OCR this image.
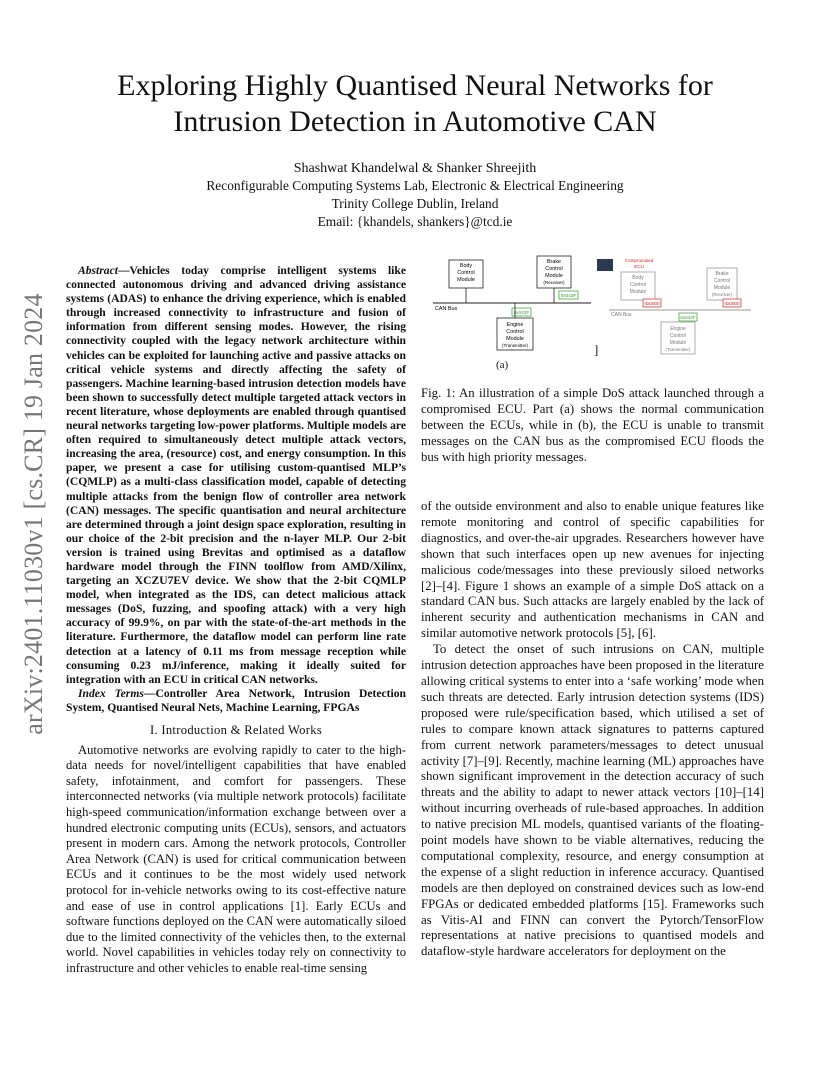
arXiv:2401.11030v1 [cs.CR] 19 Jan 2024
Exploring Highly Quantised Neural Networks for
Intrusion Detection in Automotive CAN
Shashwat Khandelwal & Shanker Shreejith
Reconfigurable Computing Systems Lab, Electronic & Electrical Engineering
Trinity College Dublin, Ireland
Email: {khandels, shankers}@tcd.ie

Abstract—Vehicles today comprise intelligent systems like connected autonomous driving and advanced driving assistance systems (ADAS) to enhance the driving experience, which is enabled through increased connectivity to infrastructure and fusion of information from different sensing modes. However, the rising connectivity coupled with the legacy network architecture within vehicles can be exploited for launching active and passive attacks on critical vehicle systems and directly affecting the safety of passengers. Machine learning-based intrusion detection models have been shown to successfully detect multiple targeted attack vectors in recent literature, whose deployments are enabled through quantised neural networks targeting low-power platforms. Multiple models are often required to simultaneously detect multiple attack vectors, increasing the area, (resource) cost, and energy consumption. In this paper, we present a case for utilising custom-quantised MLP’s (CQMLP) as a multi-class classification model, capable of detecting multiple attacks from the benign flow of controller area network (CAN) messages. The specific quantisation and neural architecture are determined through a joint design space exploration, resulting in our choice of the 2-bit precision and the n-layer MLP. Our 2-bit version is trained using Brevitas and optimised as a dataflow hardware model through the FINN toolflow from AMD/Xilinx, targeting an XCZU7EV device. We show that the 2-bit CQMLP model, when integrated as the IDS, can detect malicious attack messages (DoS, fuzzing, and spoofing attack) with a very high accuracy of 99.9%, on par with the state-of-the-art methods in the literature. Furthermore, the dataflow model can perform line rate detection at a latency of 0.11 ms from message reception while consuming 0.23 mJ/inference, making it ideally suited for integration with an ECU in critical CAN networks.

Index Terms—Controller Area Network, Intrusion Detection System, Quantised Neural Nets, Machine Learning, FPGAs

I. Introduction & Related Works

Automotive networks are evolving rapidly to cater to the high-data needs for novel/intelligent capabilities that have enabled safety, infotainment, and comfort for passengers. These interconnected networks (via multiple network protocols) facilitate high-speed communication/information exchange between over a hundred electronic computing units (ECUs), sensors, and actuators present in modern cars. Among the network protocols, Controller Area Network (CAN) is used for critical communication between ECUs and it continues to be the most widely used network protocol for in-vehicle networks owing to its cost-effective nature and ease of use in control applications [1]. Early ECUs and software functions deployed on the CAN were automatically siloed due to the limited connectivity of the vehicles then, to the external world. Novel capabilities in vehicles today rely on connectivity to infrastructure and other vehicles to enable real-time sensing

Body
Control
Module
Brake
Control
Module
(Receiver)
0x043F
CAN Bus
0x043F
Engine
Control
Module
(Transmitter)
Compromised
ECU
Body
Control
Module
0x0000
Brake
Control
Module
(Receiver)
0x0000
CAN Bus	0x043F
Engine
Control
Module
(Transmitter)
]
(a)
Fig. 1: An illustration of a simple DoS attack launched through a compromised ECU. Part (a) shows the normal communication between the ECUs, while in (b), the ECU is unable to transmit messages on the CAN bus as the compromised ECU floods the bus with high priority messages.

of the outside environment and also to enable unique features like remote monitoring and control of specific capabilities for diagnostics, and over-the-air upgrades. Researchers however have shown that such interfaces open up new avenues for injecting malicious code/messages into these previously siloed networks [2]–[4]. Figure 1 shows an example of a simple DoS attack on a standard CAN bus. Such attacks are largely enabled by the lack of inherent security and authentication mechanisms in CAN and similar automotive network protocols [5], [6].

To detect the onset of such intrusions on CAN, multiple intrusion detection approaches have been proposed in the literature allowing critical systems to enter into a ‘safe working’ mode when such threats are detected. Early intrusion detection systems (IDS) proposed were rule/specification based, which utilised a set of rules to compare known attack signatures to patterns captured from current network parameters/messages to detect unusual activity [7]–[9]. Recently, machine learning (ML) approaches have shown significant improvement in the detection accuracy of such threats and the ability to adapt to newer attack vectors [10]–[14] without incurring overheads of rule-based approaches. In addition to native precision ML models, quantised variants of the floating-point models have shown to be viable alternatives, reducing the computational complexity, resource, and energy consumption at the expense of a slight reduction in inference accuracy. Quantised models are then deployed on constrained devices such as low-end FPGAs or dedicated embedded platforms [15]. Frameworks such as Vitis-AI and FINN can convert the Pytorch/TensorFlow representations at native precisions to quantised models and dataflow-style hardware accelerators for deployment on the
